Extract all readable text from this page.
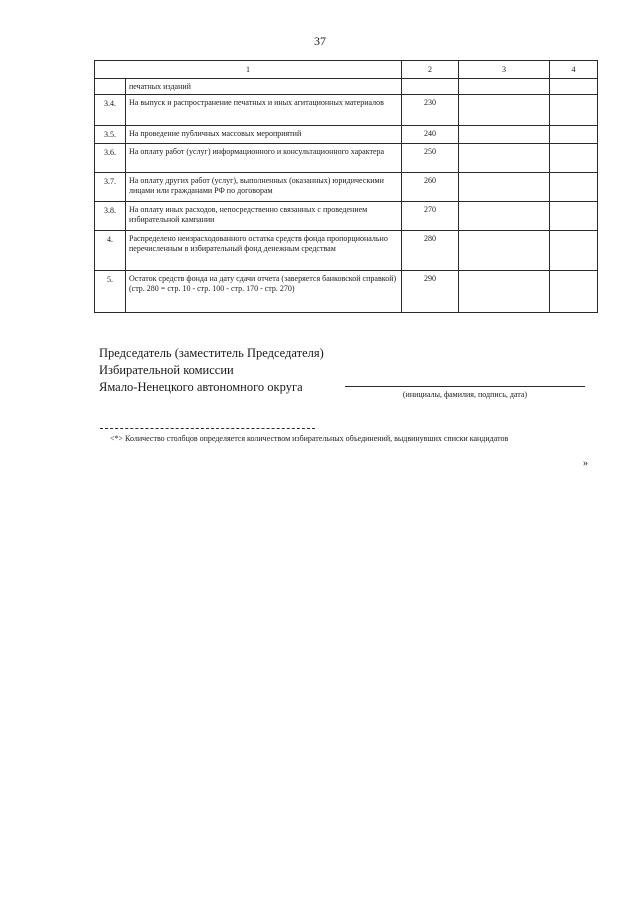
37
1		2	3	4
	печатных изданий			
3.4.	На выпуск и распространение печатных и иных агитационных материалов	230		
3.5.	На проведение публичных массовых мероприятий	240		
3.6.	На оплату работ (услуг) информационного и консультационного характера	250		
3.7.	На оплату других работ (услуг), выполненных (оказанных) юридическими лицами или гражданами РФ по договорам	260		
3.8.	На оплату иных расходов, непосредственно связанных с проведением избирательной кампании	270		
4.	Распределено неизрасходованного остатка средств фонда пропорционально перечисленным в избирательный фонд денежным средствам	280		
5.	Остаток средств фонда на дату сдачи отчета (заверяется банковской справкой) (стр. 280 = стр. 10 - стр. 100 - стр. 170 - стр. 270)	290		
Председатель (заместитель Председателя)
Избирательной комиссии
Ямало-Ненецкого автономного округа
(инициалы, фамилия, подпись, дата)
<*> Количество столбцов определяется количеством избирательных объединений, выдвинувших списки кандидатов
»
